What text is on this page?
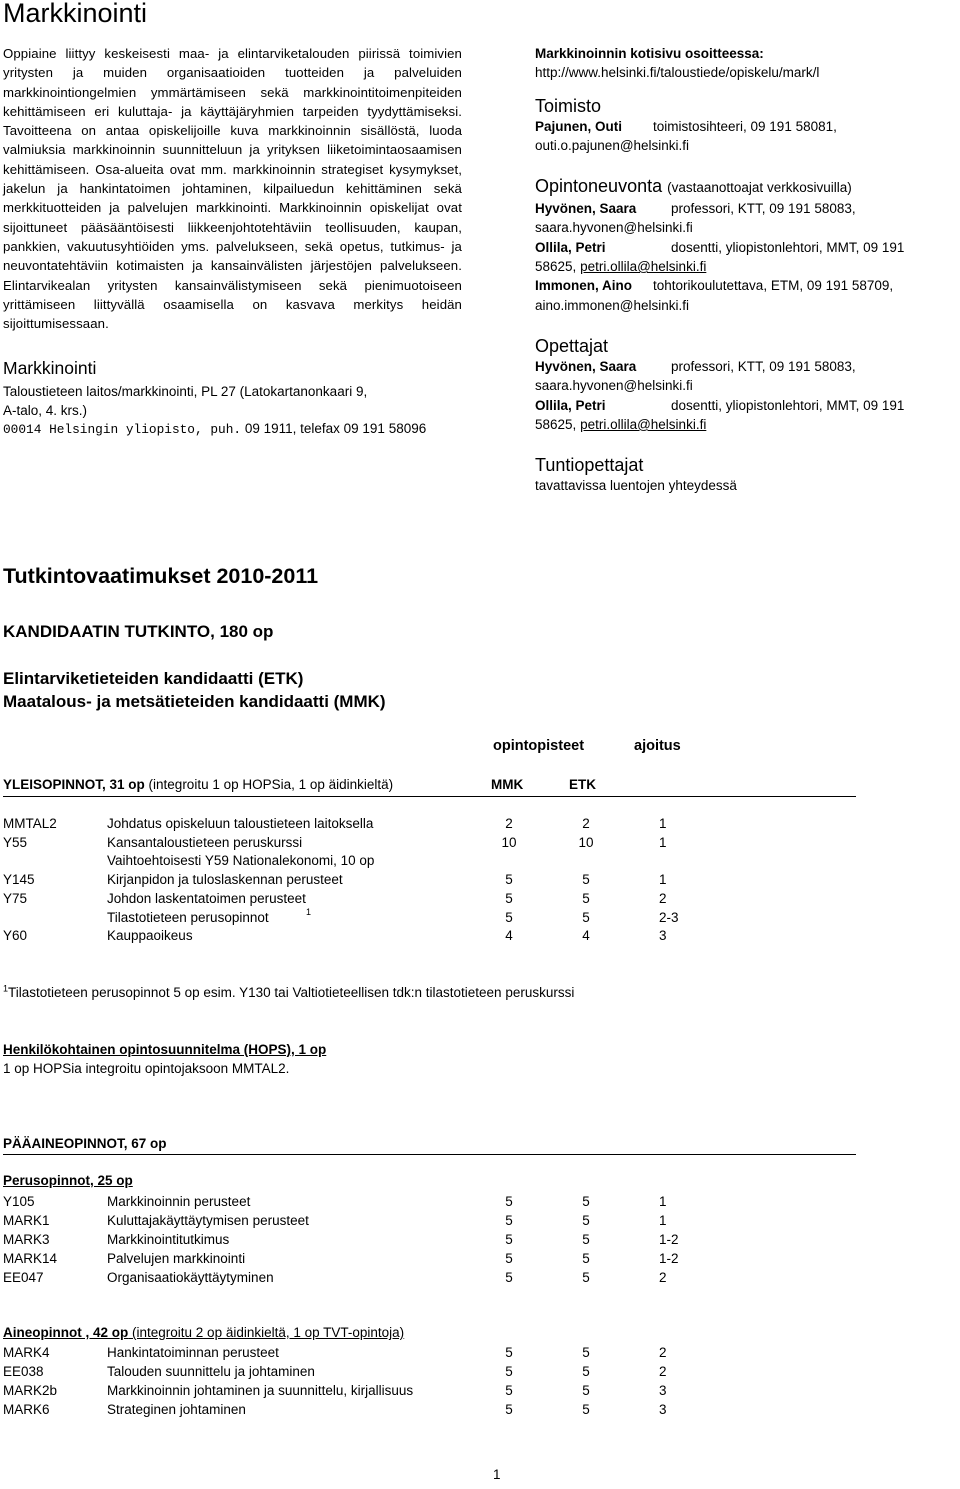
Markkinointi

Oppiaine liittyy keskeisesti maa- ja elintarviketalouden piirissä toimivien yritysten ja muiden organisaatioiden tuotteiden ja palveluiden markkinointiongelmien ymmärtämiseen sekä markkinointitoimenpiteiden kehittämiseen eri kuluttaja- ja käyttäjäryhmien tarpeiden tyydyttämiseksi. Tavoitteena on antaa opiskelijoille kuva markkinoinnin sisällöstä, luoda valmiuksia markkinoinnin suunnitteluun ja yrityksen liiketoimintaosaamisen kehittämiseen. Osa-alueita ovat mm. markkinoinnin strategiset kysymykset, jakelun ja hankintatoimen johtaminen, kilpailuedun kehittäminen sekä merkkituotteiden ja palvelujen markkinointi. Markkinoinnin opiskelijat ovat sijoittuneet pääsääntöisesti liikkeenjohtotehtäviin teollisuuden, kaupan, pankkien, vakuutusyhtiöiden yms. palvelukseen, sekä opetus, tutkimus- ja neuvontatehtäviin kotimaisten ja kansainvälisten järjestöjen palvelukseen. Elintarvikealan yritysten kansainvälistymiseen sekä pienimuotoiseen yrittämiseen liittyvällä osaamisella on kasvava merkitys heidän sijoittumisessaan.

Markkinointi

Taloustieteen laitos/markkinointi, PL 27 (Latokartanonkaari 9,

A-talo, 4. krs.)

00014 Helsingin yliopisto, puh. 09 1911, telefax 09 191 58096

Markkinoinnin kotisivu osoitteessa:

http://www.helsinki.fi/taloustiede/opiskelu/mark/l

Toimisto

Pajunen, Outi	toimistosihteeri, 09 191 58081,

outi.o.pajunen@helsinki.fi

Opintoneuvonta (vastaanottoajat verkkosivuilla)

Hyvönen, Saara	professori, KTT, 09 191 58083,

saara.hyvonen@helsinki.fi

Ollila, Petri	dosentti, yliopistonlehtori, MMT, 09 191

58625, petri.ollila@helsinki.fi

Immonen, Aino	tohtorikoulutettava, ETM, 09 191 58709,

aino.immonen@helsinki.fi

Opettajat

Hyvönen, Saara	professori, KTT, 09 191 58083,

saara.hyvonen@helsinki.fi

Ollila, Petri	dosentti, yliopistonlehtori, MMT, 09 191

58625, petri.ollila@helsinki.fi

Tuntiopettajat

tavattavissa luentojen yhteydessä

Tutkintovaatimukset 2010-2011
KANDIDAATIN TUTKINTO, 180 op
Elintarviketieteiden kandidaatti (ETK)
Maatalous- ja metsätieteiden kandidaatti (MMK)
opintopisteet	ajoitus
YLEISOPINNOT, 31 op (integroitu 1 op HOPSia, 1 op äidinkieltä)	MMK	ETK
MMTAL2	Johdatus opiskeluun taloustieteen laitoksella	2	2	1
Y55	Kansantaloustieteen peruskurssi	10	10	1
Vaihtoehtoisesti Y59 Nationalekonomi, 10 op
Y145	Kirjanpidon ja tuloslaskennan perusteet	5	5	1
Y75	Johdon laskentatoimen perusteet	5	5	2
Tilastotieteen perusopinnot	1	5	5	2-3
Y60	Kauppaoikeus	4	4	3
$^1$Tilastotieteen perusopinnot 5 op esim. Y130 tai Valtiotieteellisen tdk:n tilastotieteen peruskurssi
Henkilökohtainen opintosuunnitelma (HOPS), 1 op
1 op HOPSia integroitu opintojaksoon MMTAL2.
PÄÄAINEOPINNOT, 67 op
Perusopinnot, 25 op
Y105	Markkinoinnin perusteet	5	5	1
MARK1	Kuluttajakäyttäytymisen perusteet	5	5	1
MARK3	Markkinointitutkimus	5	5	1-2
MARK14	Palvelujen markkinointi	5	5	1-2
EE047	Organisaatiokäyttäytyminen	5	5	2
Aineopinnot , 42 op (integroitu 2 op äidinkieltä, 1 op TVT-opintoja)
MARK4	Hankintatoiminnan perusteet	5	5	2
EE038	Talouden suunnittelu ja johtaminen	5	5	2
MARK2b	Markkinoinnin johtaminen ja suunnittelu, kirjallisuus	5	5	3
MARK6	Strateginen johtaminen	5	5	3
1
